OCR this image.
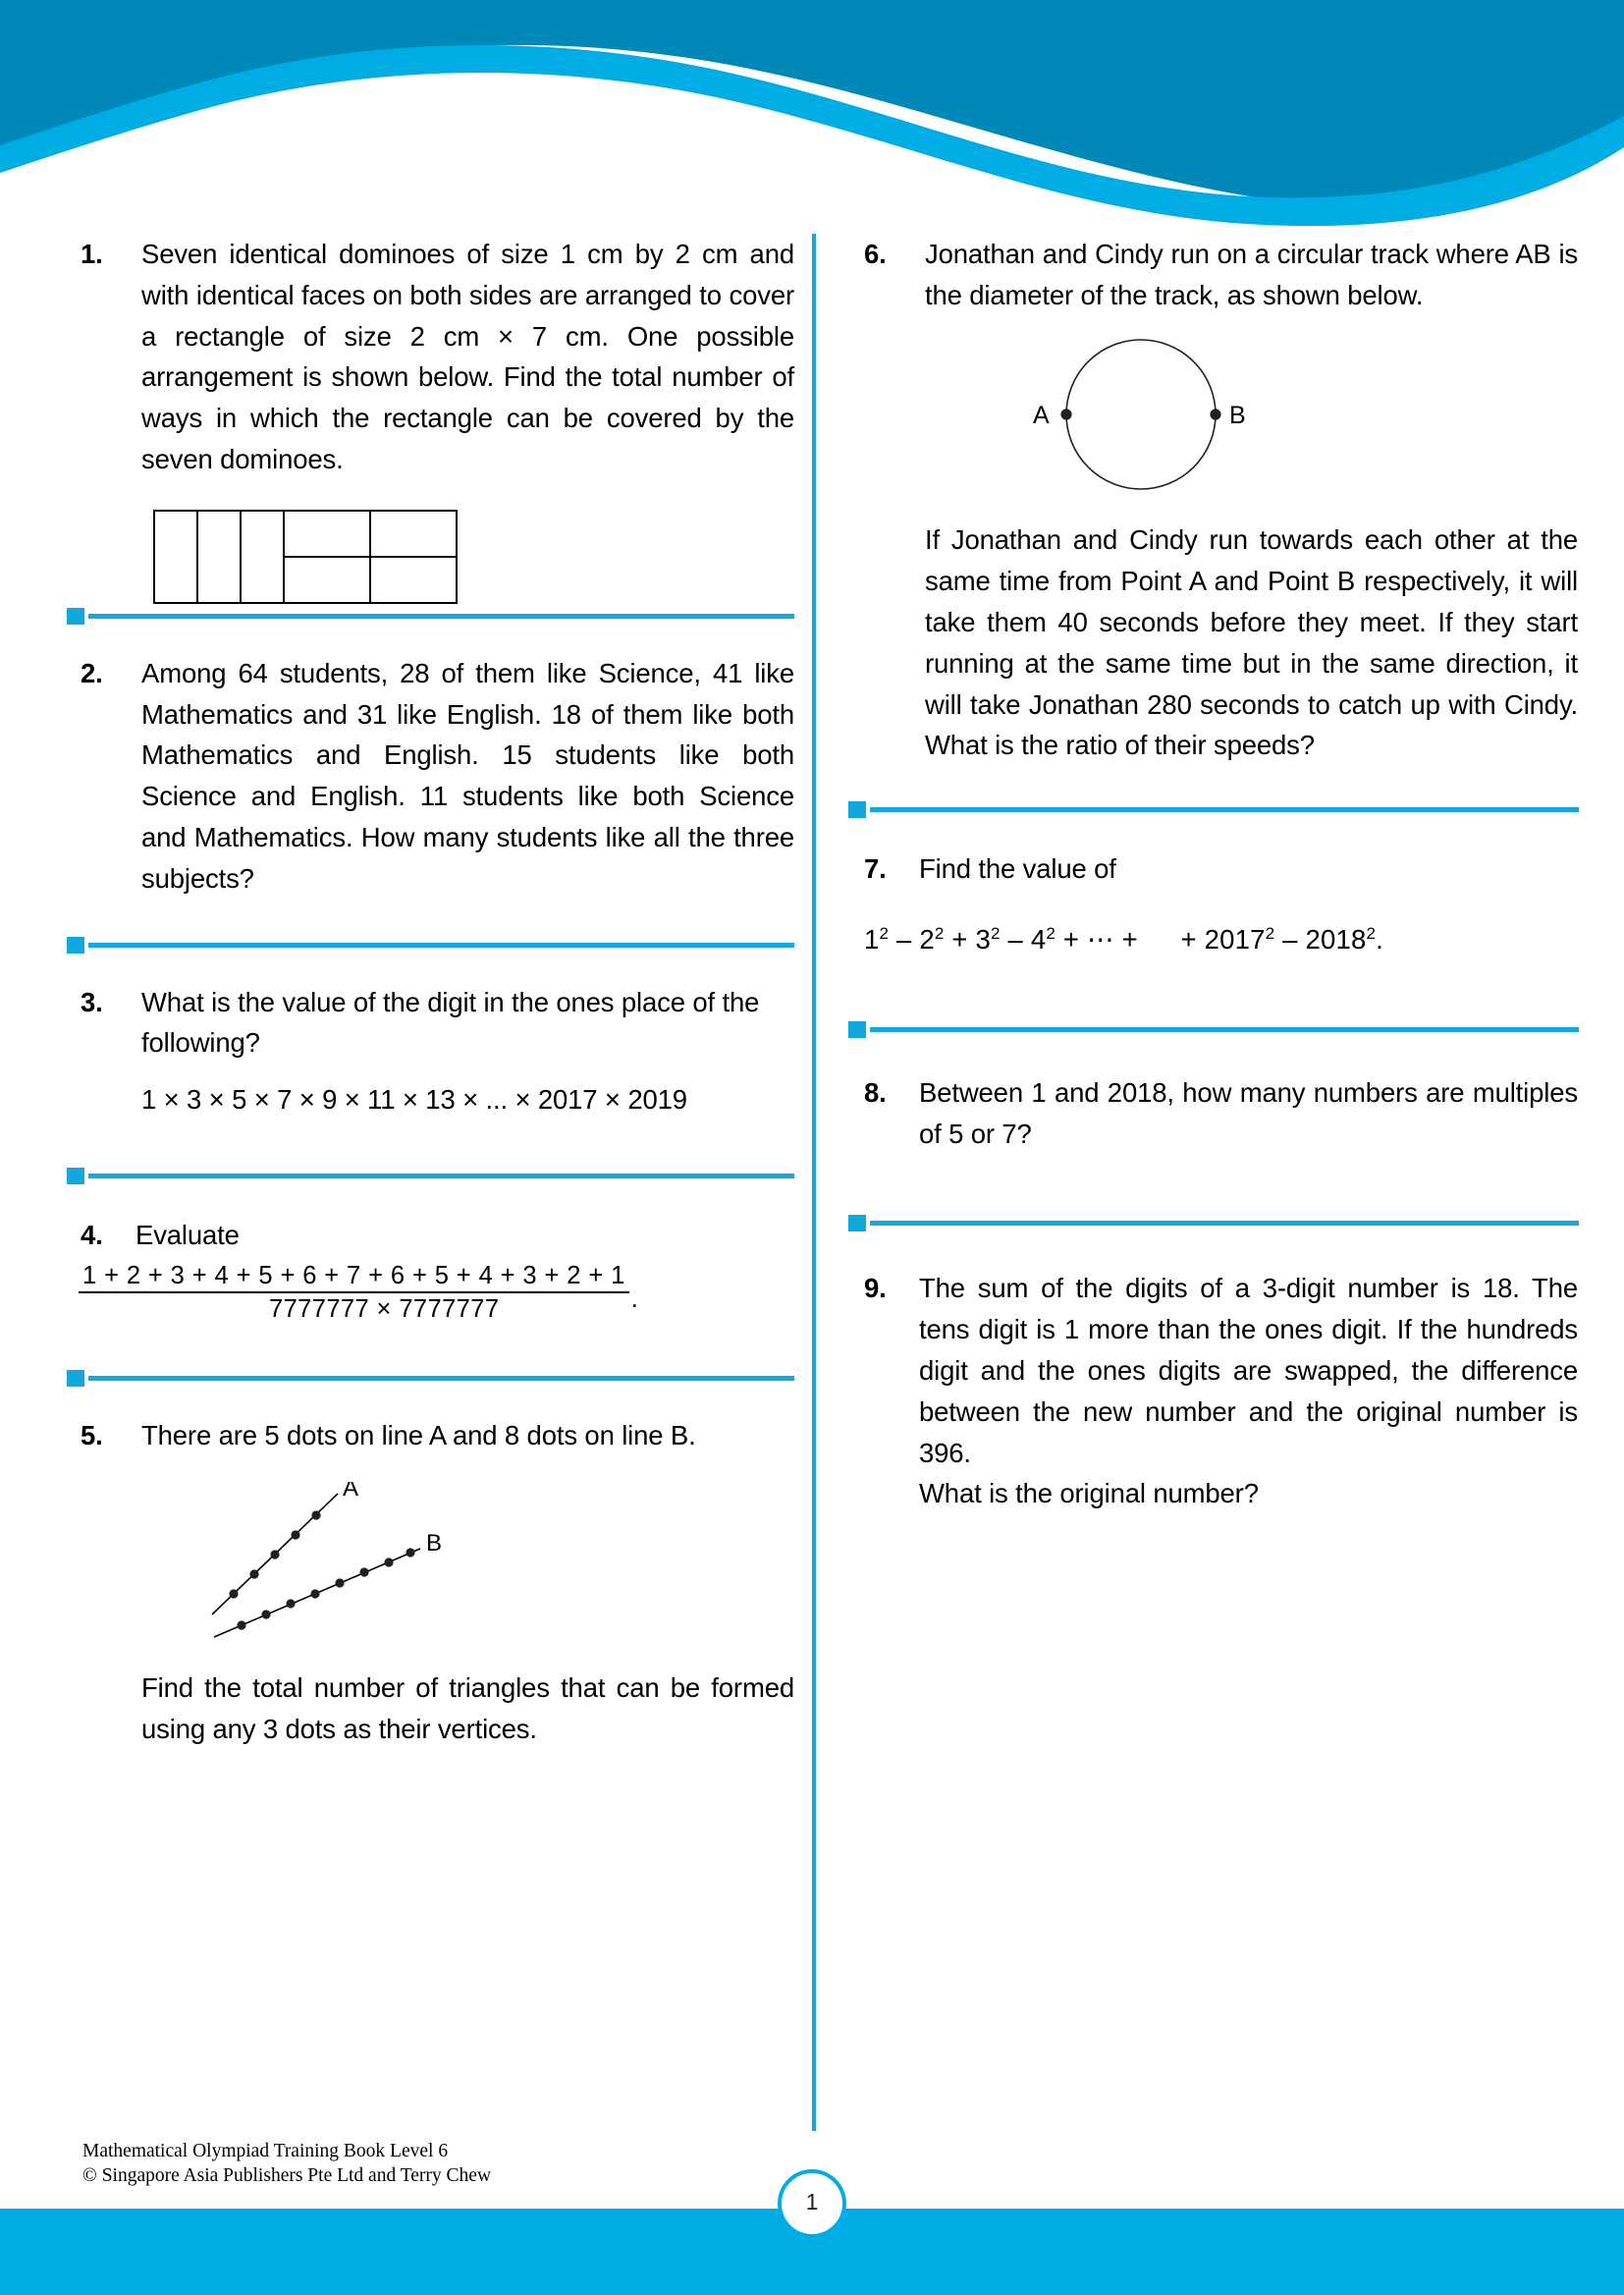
1.	Seven identical dominoes of size 1 cm by 2 cm and with identical faces on both sides are arranged to cover a rectangle of size 2 cm × 7 cm. One possible arrangement is shown below. Find the total number of ways in which the rectangle can be covered by the seven dominoes.
2.	Among 64 students, 28 of them like Science, 41 like Mathematics and 31 like English. 18 of them like both Mathematics and English. 15 students like both Science and English. 11 students like both Science and Mathematics. How many students like all the three subjects?
3.	What is the value of the digit in the ones place of the following?
1 × 3 × 5 × 7 × 9 × 11 × 13 × ... × 2017 × 2019
4.	Evaluate
$\frac{1 + 2 + 3 + 4 + 5 + 6 + 7 + 6 + 5 + 4 + 3 + 2 + 1}{7777777 \times 7777777}$ .
5.	There are 5 dots on line A and 8 dots on line B.
A
B
Find the total number of triangles that can be formed using any 3 dots as their vertices.
6.	Jonathan and Cindy run on a circular track where AB is the diameter of the track, as shown below.
A	B
If Jonathan and Cindy run towards each other at the same time from Point A and Point B respectively, it will take them 40 seconds before they meet. If they start running at the same time but in the same direction, it will take Jonathan 280 seconds to catch up with Cindy. What is the ratio of their speeds?
7.	Find the value of
$1^2 - 2^2 + 3^2 - 4^2$ + ⋯ +  + $2017^2 - 2018^2$.
8.	Between 1 and 2018, how many numbers are multiples of 5 or 7?
9.	The sum of the digits of a 3-digit number is 18. The tens digit is 1 more than the ones digit. If the hundreds digit and the ones digits are swapped, the difference between the new number and the original number is 396.
What is the original number?
Mathematical Olympiad Training Book Level 6
© Singapore Asia Publishers Pte Ltd and Terry Chew
1
